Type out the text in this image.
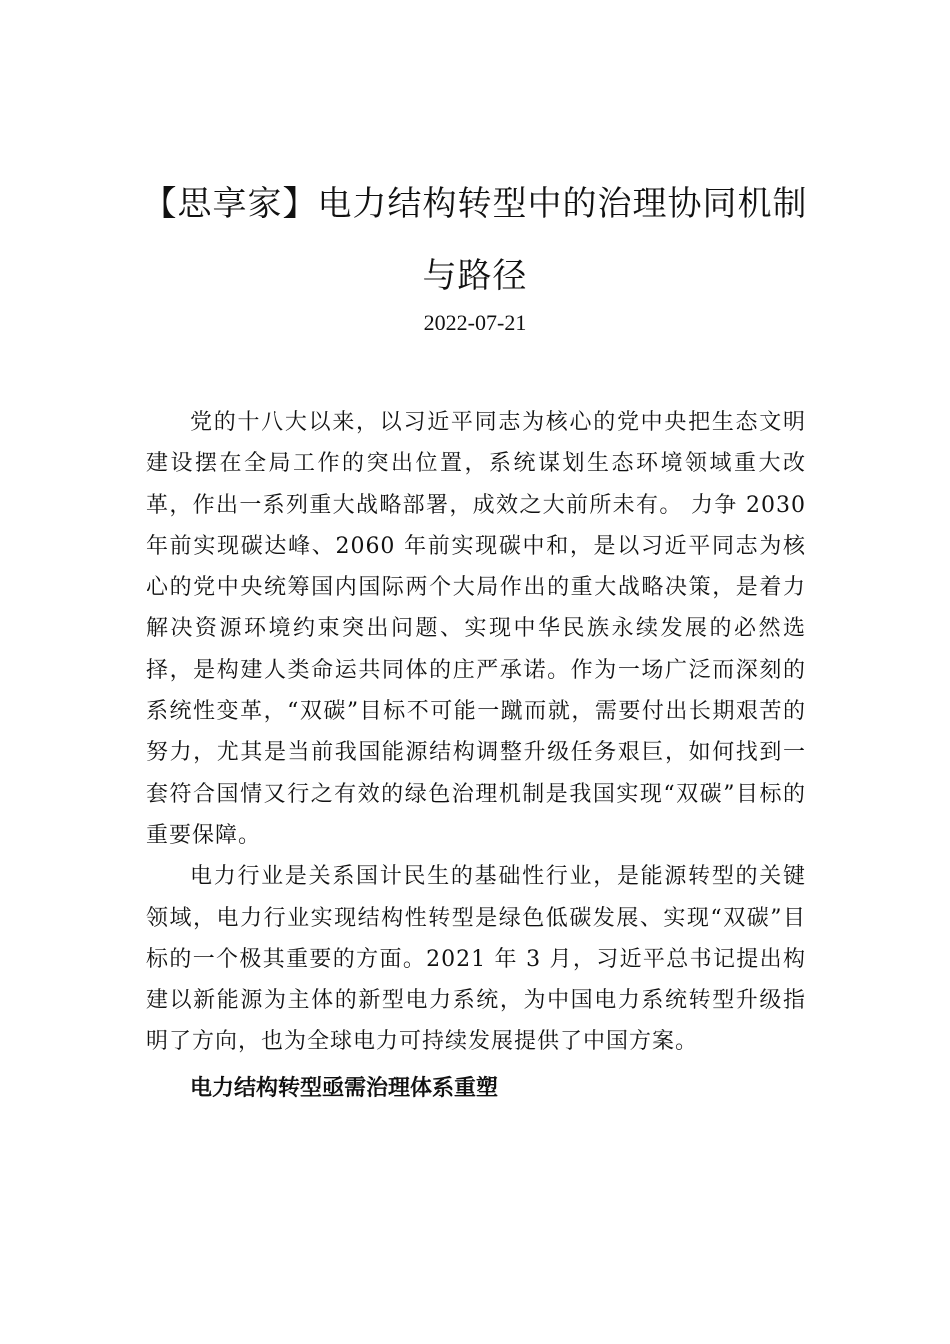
【思享家】电力结构转型中的治理协同机制与路径
2022-07-21

党的十八大以来，以习近平同志为核心的党中央把生态文明建设摆在全局工作的突出位置，系统谋划生态环境领域重大改革，作出一系列重大战略部署，成效之大前所未有。 力争 2030 年前实现碳达峰、2060 年前实现碳中和，是以习近平同志为核心的党中央统筹国内国际两个大局作出的重大战略决策，是着力解决资源环境约束突出问题、实现中华民族永续发展的必然选择，是构建人类命运共同体的庄严承诺。作为一场广泛而深刻的系统性变革，“双碳”目标不可能一蹴而就，需要付出长期艰苦的努力，尤其是当前我国能源结构调整升级任务艰巨，如何找到一套符合国情又行之有效的绿色治理机制是我国实现“双碳”目标的重要保障。

电力行业是关系国计民生的基础性行业，是能源转型的关键领域，电力行业实现结构性转型是绿色低碳发展、实现“双碳”目标的一个极其重要的方面。2021 年 3 月，习近平总书记提出构建以新能源为主体的新型电力系统，为中国电力系统转型升级指明了方向，也为全球电力可持续发展提供了中国方案。

电力结构转型亟需治理体系重塑
